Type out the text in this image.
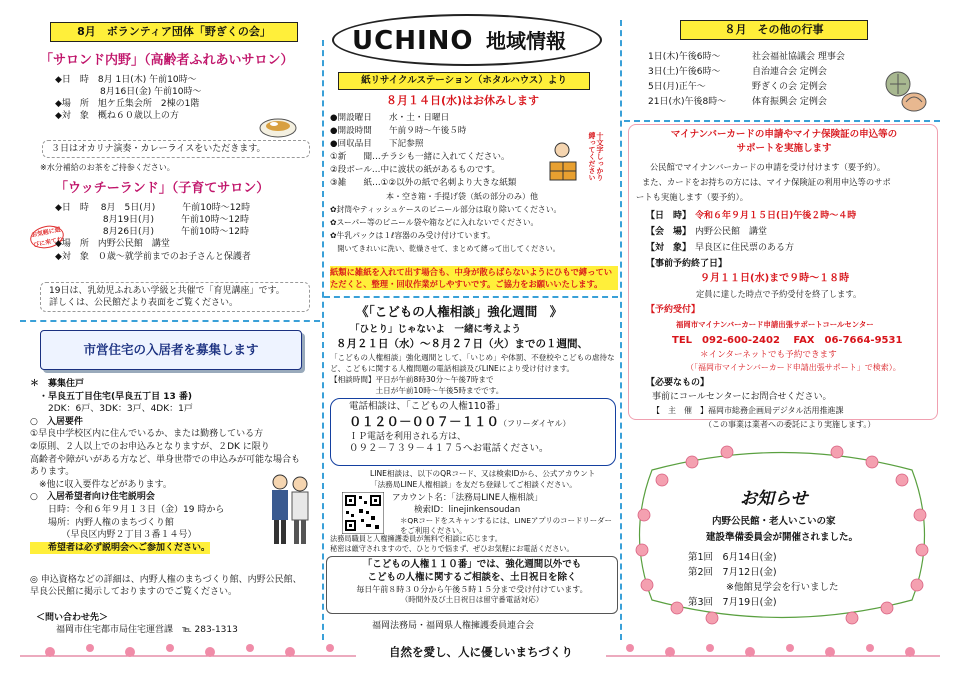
8月　ボランティア団体「野ぎくの会」
「サロンド内野」（高齢者ふれあいサロン）
◆日　時　8月 1日(木) 午前10時～
　　　　　8月16日(金) 午前10時～
◆場　所　旭ケ丘集会所　2棟の1階
◆対　象　概ね６０歳以上の方
３日はオカリナ演奏・カレーライスをいただきます。
※水分補給のお茶をご持参ください。
「ウッチーランド」（子育てサロン）
お気軽に遊びに来てね
◆日　時　 8月　5日(月)　　　午前10時～12時
　　　　　 8月19日(月)　　　午前10時～12時
　　　　　 8月26日(月)　　　午前10時～12時
◆場　所　内野公民館　講堂
◆対　象　０歳～就学前までのお子さんと保護者
19日は、乳幼児ふれあい学級と共催で「育児講座」です。
詳しくは、公民館だより表面をご覧ください。
市営住宅の入居者を募集します
＊　募集住戸
　・早良五丁目住宅(早良五丁目 13 番)
　　2DK：6戸、3DK：3戸、4DK：1戸
○　入居要件
①早良中学校区内に住んでいるか、または勤務している方
②原則、２人以上でのお申込みとなりますが、２DK に限り
高齢者や障がいがある方など、単身世帯での申込みが可能な場合も
あります。
　※他に収入要件などがあります。
○　入居希望者向け住宅説明会
　　日時：令和６年９月１３日（金）19 時から
　　場所：内野人権のまちづくり館
　　　　（早良区内野２丁目３番１４号）
　　希望者は必ず説明会へご参加ください。
◎ 申込資格などの詳細は、内野人権のまちづくり館、内野公民館、
早良公民館に掲示しておりますのでご覧ください。
＜問い合わせ先＞
福岡市住宅都市局住宅運営課　℡ 283-1313
UCHINO 地域情報
紙リサイクルステーション（ホタルハウス）より
８月１４日(水)はお休みします
●開設曜日　　水・土・日曜日
●開設時間　　午前９時～午後５時
●回収品目　　下記参照
①新　　聞…チラシも一緒に入れてください。
②段ボール…中に波状の紙があるものです。
③雑　　紙…①②以外の紙で名刺より大きな紙類
　　　　　　　本・空き箱・手提げ袋（紙の部分のみ）他
✿封筒やティッシュケースのビニール部分は取り除いてください。
✿スーパー等のビニール袋や箱などに入れないでください。
✿牛乳パックは１ℓ容器のみ受け付けています。
　開いてきれいに洗い、乾燥させて、まとめて縛って出してください。
十文字しっかり縛ってください
紙類に雑紙を入れて出す場合も、中身が散らばらないようにひもで縛っていただくと、整理・回収作業がしやすいです。ご協力をお願いいたします。
《「こどもの人権相談」強化週間　》
「ひとり」じゃないよ　一緒に考えよう
８月２１日（水）～８月２７日（火）までの１週間、
「こどもの人権相談」強化週間として、「いじめ」や体罰、不登校やこどもの虐待な
ど、こどもに関する人権問題の電話相談及びLINEにより受け付けます。
【相談時間】平日が午前8時30分～午後7時まで
　　　　　　土日が午前10時～午後5時までです。
電話相談は、「こどもの人権110番」
０１２０－００７－１１０（フリーダイヤル）
ＩＰ電話を利用される方は、
０９２－７３９－４１７５へお電話ください。
LINE相談は、以下のQRコード、又は検索IDから、公式アカウント
「法務局LINE人権相談」を友だち登録してご相談ください。
アカウント名：「法務局LINE人権相談」
検索ID：linejinkensoudan
＊QRコードをスキャンするには、LINEアプリのコードリーダーをご利用ください。
法務局職員と人権擁護委員が無料で相談に応じます。
秘密は厳守されますので、ひとりで悩まず、ぜひお気軽にお電話ください。
「こどもの人権１１０番」では、強化週間以外でも
こどもの人権に関するご相談を、土日祝日を除く
毎日午前８時３０分から午後５時１５分まで受け付けています。
（時間外及び土日祝日は留守番電話対応）
福岡法務局・福岡県人権擁護委員連合会
８月　その他の行事
1日(木)午後6時～	社会福祉協議会 理事会
3日(土)午後6時～	自治連合会 定例会
5日(月)正午～	野ぎくの会 定例会
21日(水)午後8時～	体育振興会 定例会
マイナンバーカードの申請やマイナ保険証の申込等の
サポートを実施します
公民館でマイナンバーカードの申請を受け付けます（要予約）。
また、カードをお持ちの方には、マイナ保険証の利用申込等のサポ
ートも実施します（要予約）。
【日　時】 令和６年９月１５日(日)午後２時～４時
【会　場】 内野公民館　講堂
【対　象】 早良区に住民票のある方
【事前予約終了日】
９月１１日(水)まで９時～１８時
定員に達した時点で予約受付を終了します。
【予約受付】
福岡市マイナンバーカード申請出張サポートコールセンター
TEL　092-600-2402　 FAX　06-7664-9531
＊インターネットでも予約できます
（「福岡市マイナンバーカード申請出張サポート」で検索）。
【必要なもの】
事前にコールセンターにお問合せください。
【　主　催　】福岡市総務企画局デジタル活用推進課
（この事業は業者への委託により実施します。）
お知らせ
内野公民館・老人いこいの家
建設準備委員会が開催されました。
第1回　6月14日(金)
第2回　7月12日(金)
　　　　※他館見学会を行いました
第3回　7月19日(金)
自然を愛し、人に優しいまちづくり
